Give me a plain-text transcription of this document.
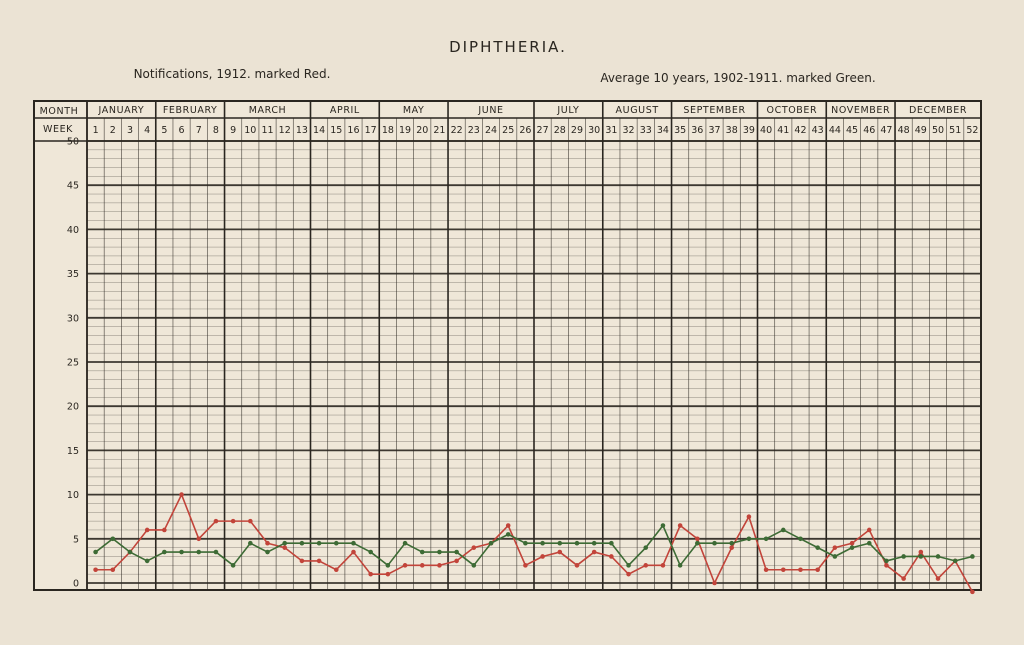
DIPHTHERIA.
Notifications, 1912. marked Red.	Average 10 years, 1902-1911. marked Green.
MONTH
WEEK
JANUARY FEBRUARY	MARCH	APRIL	MAY	JUNE	JULY	AUGUST	SEPTEMBER OCTOBER NOVEMBER DECEMBER
1 2 3 4 5 6 7 8 9 10 11 12 13 14 15 16 17 18 19 20 21 22 23 24 25 26 27 28 29 30 31 32 33 34 35 36 37 38 39 40 41 42 43 44 45 46 47 48 49 50 51 52
0
5
10
15
20
25
30
35
40
45
50
